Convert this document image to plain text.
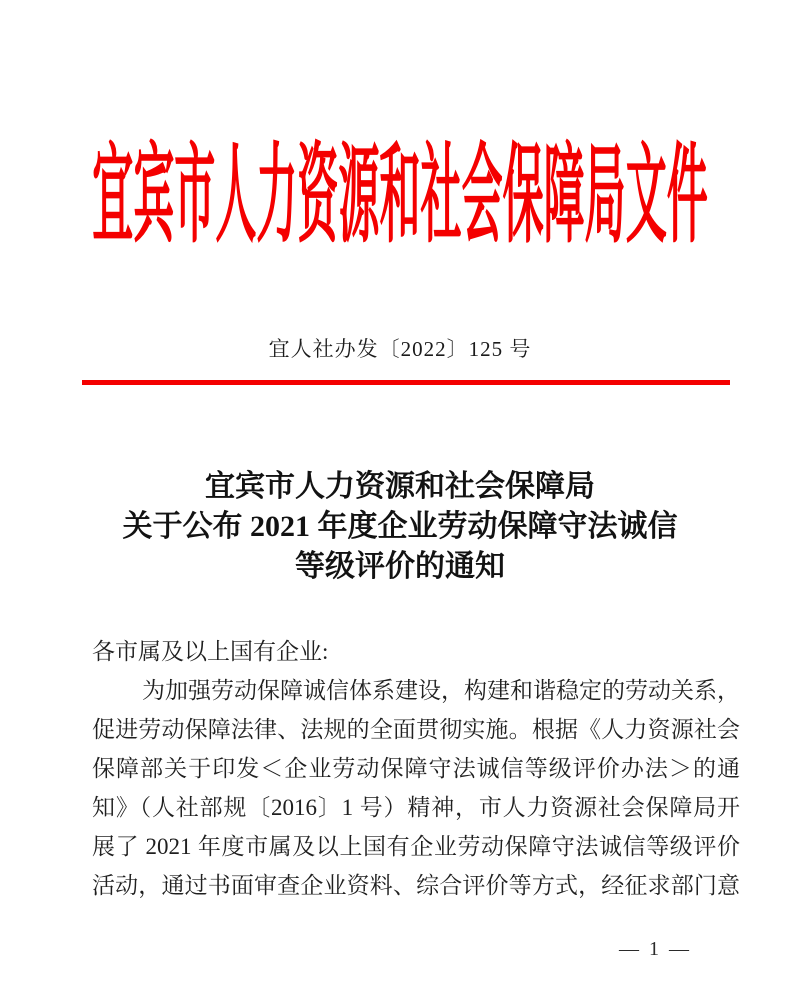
宜宾市人力资源和社会保障局文件
宜人社办发〔2022〕125 号
宜宾市人力资源和社会保障局
关于公布 2021 年度企业劳动保障守法诚信
等级评价的通知
各市属及以上国有企业:
为加强劳动保障诚信体系建设，构建和谐稳定的劳动关系，
促进劳动保障法律、法规的全面贯彻实施。根据《人力资源社会
保障部关于印发＜企业劳动保障守法诚信等级评价办法＞的通
知》（人社部规〔2016〕1 号）精神，市人力资源社会保障局开
展了 2021 年度市属及以上国有企业劳动保障守法诚信等级评价
活动，通过书面审查企业资料、综合评价等方式，经征求部门意
— 1 —
